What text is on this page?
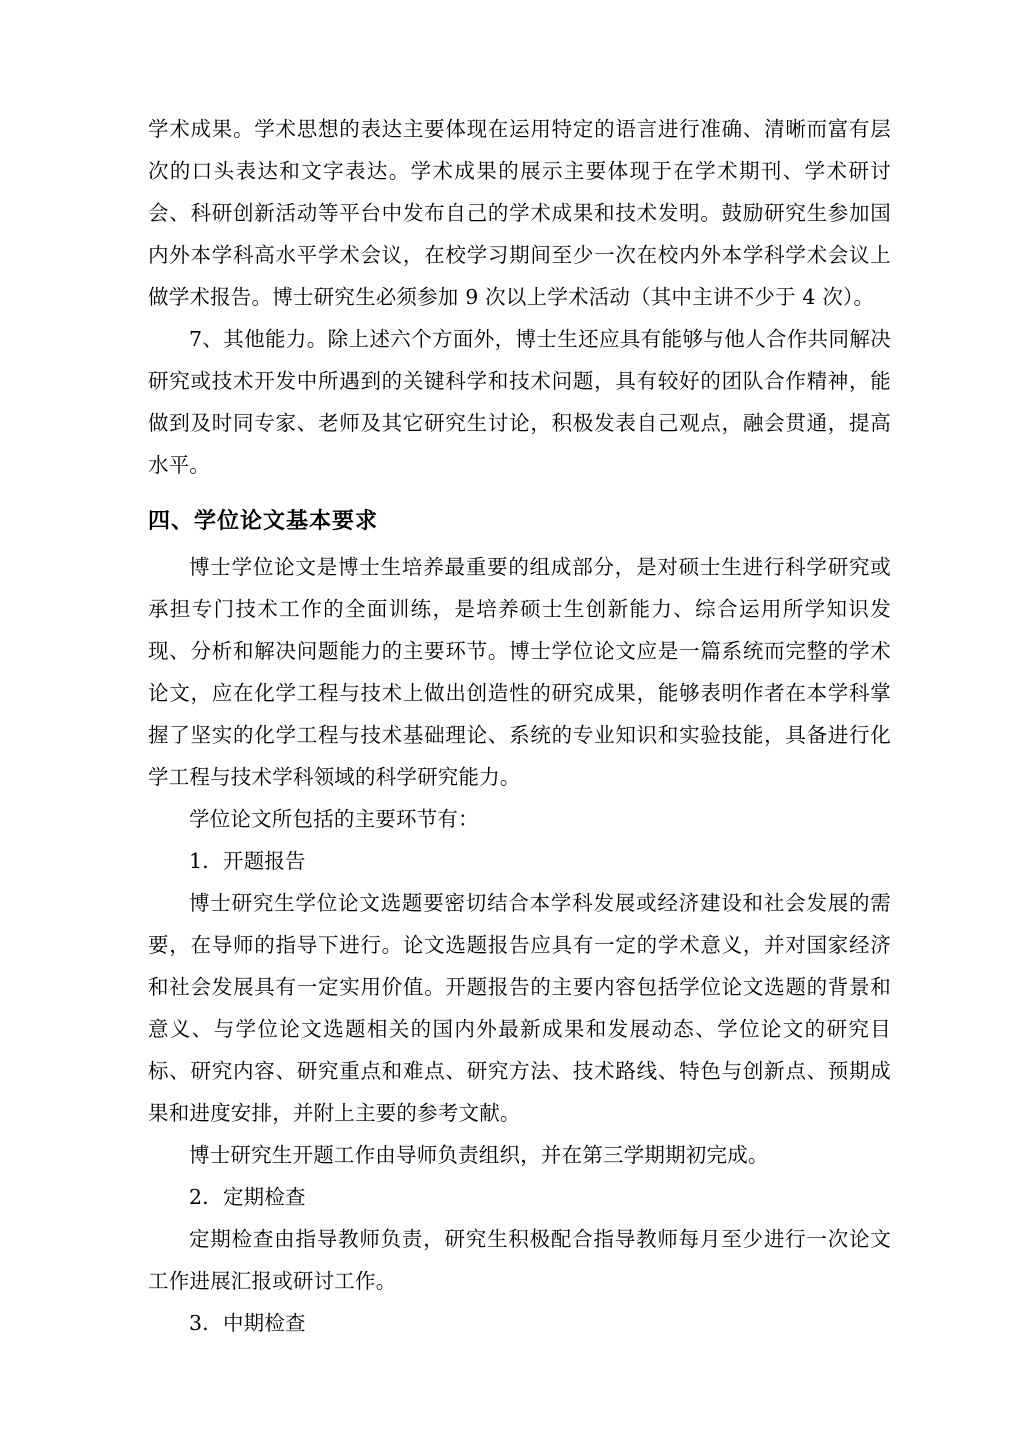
学术成果。学术思想的表达主要体现在运用特定的语言进行准确、清晰而富有层次的口头表达和文字表达。学术成果的展示主要体现于在学术期刊、学术研讨会、科研创新活动等平台中发布自己的学术成果和技术发明。鼓励研究生参加国内外本学科高水平学术会议，在校学习期间至少一次在校内外本学科学术会议上做学术报告。博士研究生必须参加 9 次以上学术活动（其中主讲不少于 4 次）。

7、其他能力。除上述六个方面外，博士生还应具有能够与他人合作共同解决研究或技术开发中所遇到的关键科学和技术问题，具有较好的团队合作精神，能做到及时同专家、老师及其它研究生讨论，积极发表自己观点，融会贯通，提高水平。

四、学位论文基本要求

博士学位论文是博士生培养最重要的组成部分，是对硕士生进行科学研究或承担专门技术工作的全面训练，是培养硕士生创新能力、综合运用所学知识发现、分析和解决问题能力的主要环节。博士学位论文应是一篇系统而完整的学术论文，应在化学工程与技术上做出创造性的研究成果，能够表明作者在本学科掌握了坚实的化学工程与技术基础理论、系统的专业知识和实验技能，具备进行化学工程与技术学科领域的科学研究能力。

学位论文所包括的主要环节有：

1．开题报告

博士研究生学位论文选题要密切结合本学科发展或经济建设和社会发展的需要，在导师的指导下进行。论文选题报告应具有一定的学术意义，并对国家经济和社会发展具有一定实用价值。开题报告的主要内容包括学位论文选题的背景和意义、与学位论文选题相关的国内外最新成果和发展动态、学位论文的研究目标、研究内容、研究重点和难点、研究方法、技术路线、特色与创新点、预期成果和进度安排，并附上主要的参考文献。

博士研究生开题工作由导师负责组织，并在第三学期期初完成。

2．定期检查

定期检查由指导教师负责，研究生积极配合指导教师每月至少进行一次论文工作进展汇报或研讨工作。

3．中期检查
